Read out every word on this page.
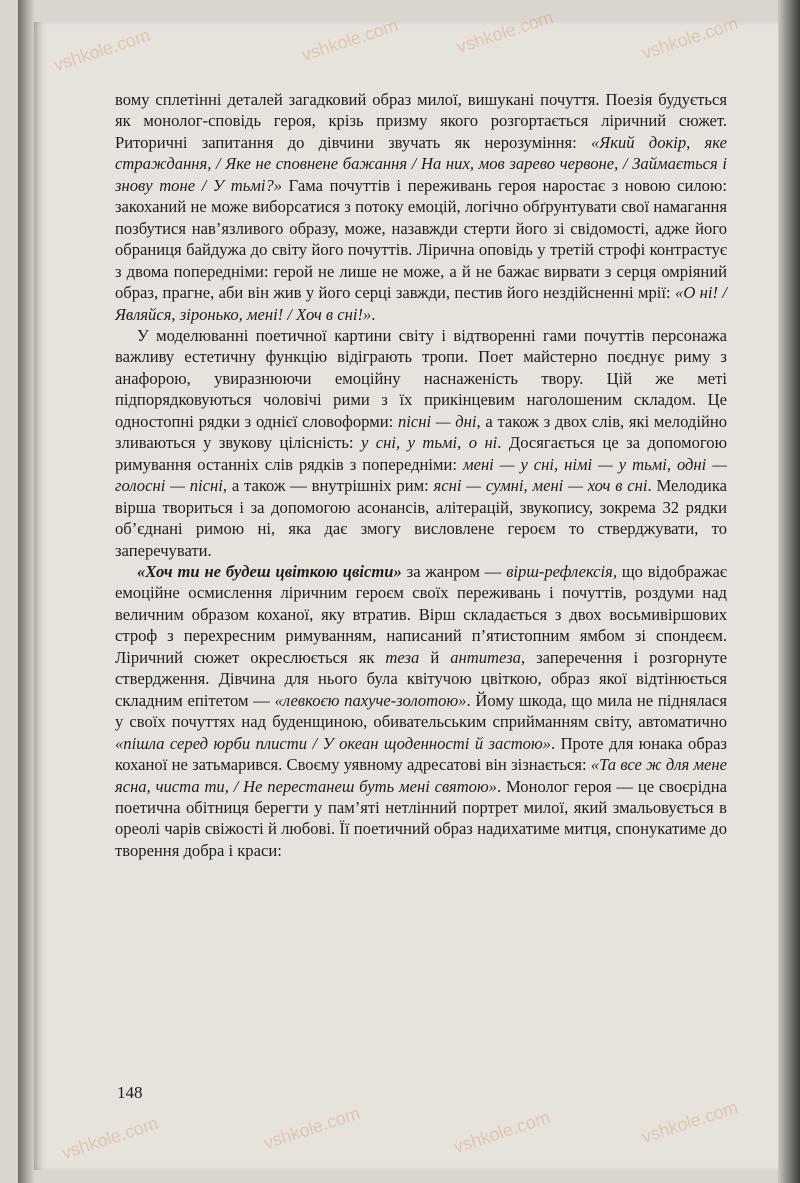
vshkole.com	vshkole.com	vshkole.com	vshkole.com
vshkole.com	vshkole.com	vshkole.com	vshkole.com

вому сплетінні деталей загадковий образ милої, вишукані почуття. Поезія будується як монолог-сповідь героя, крізь призму якого розгортається ліричний сюжет. Риторичні запитання до дівчини звучать як нерозуміння: «Який докір, яке страждання, / Яке не сповнене бажання / На них, мов зарево червоне, / Займається і знову тоне / У тьмі?» Гама почуттів і переживань героя наростає з новою силою: закоханий не може виборсатися з потоку емоцій, логічно обґрунтувати свої намагання позбутися нав’язливого образу, може, назавжди стерти його зі свідомості, адже його обраниця байдужа до світу його почуттів. Лірична оповідь у третій строфі контрастує з двома попередніми: герой не лише не може, а й не бажає вирвати з серця омріяний образ, прагне, аби він жив у його серці завжди, пестив його нездійсненні мрії: «О ні! / Являйся, зіронько, мені! / Хоч в сні!».

У моделюванні поетичної картини світу і відтворенні гами почуттів персонажа важливу естетичну функцію відіграють тропи. Поет майстерно поєднує риму з анафорою, увиразнюючи емоційну наснаженість твору. Цій же меті підпорядковуються чоловічі рими з їх прикінцевим наголошеним складом. Це одностопні рядки з однієї словоформи: пісні — дні, а також з двох слів, які мелодійно зливаються у звукову цілісність: у сні, у тьмі, о ні. Досягається це за допомогою римування останніх слів рядків з попередніми: мені — у сні, німі — у тьмі, одні — голосні — пісні, а також — внутрішніх рим: ясні — сумні, мені — хоч в сні. Мелодика вірша твориться і за допомогою асонансів, алітерацій, звукопису, зокрема 32 рядки об’єднані римою ні, яка дає змогу висловлене героєм то стверджувати, то заперечувати.

«Хоч ти не будеш цвіткою цвісти» за жанром — вірш-рефлексія, що відображає емоційне осмислення ліричним героєм своїх переживань і почуттів, роздуми над величним образом коханої, яку втратив. Вірш складається з двох восьмивіршових строф з перехресним римуванням, написаний п’ятистопним ямбом зі спондеєм. Ліричний сюжет окреслюється як теза й антитеза, заперечення і розгорнуте ствердження. Дівчина для нього була квітучою цвіткою, образ якої відтінюється складним епітетом — «левкоєю пахуче-золотою». Йому шкода, що мила не піднялася у своїх почуттях над буденщиною, обивательським сприйманням світу, автоматично «пішла серед юрби плисти / У океан щоденності й застою». Проте для юнака образ коханої не затьмарився. Своєму уявному адресатові він зізнається: «Та все ж для мене ясна, чиста ти, / Не перестанеш буть мені святою». Монолог героя — це своєрідна поетична обітниця берегти у пам’яті нетлінний портрет милої, який змальовується в ореолі чарів свіжості й любові. Її поетичний образ надихатиме митця, спонукатиме до творення добра і краси:

148
